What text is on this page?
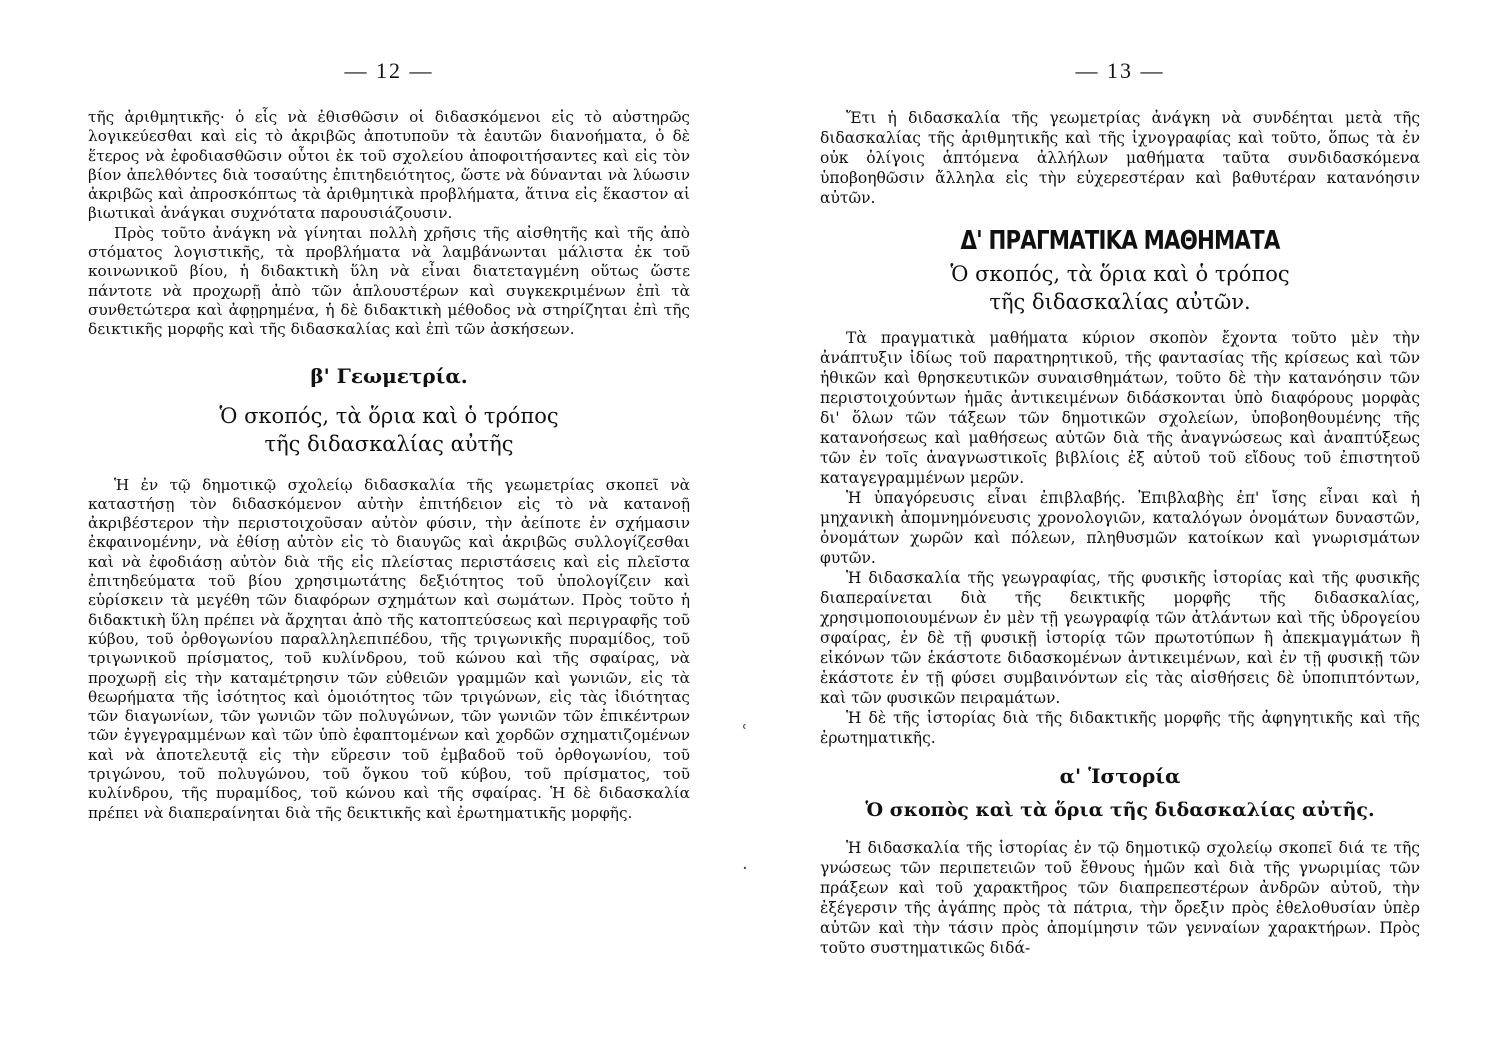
— 12 —

τῆς ἀριθμητικῆς· ὁ εἷς νὰ ἐθισθῶσιν οἱ διδασκόμενοι εἰς τὸ αὐστηρῶς λογικεύεσθαι καὶ εἰς τὸ ἀκριβῶς ἀποτυποῦν τὰ ἑαυτῶν διανοήματα, ὁ δὲ ἕτερος νὰ ἐφοδιασθῶσιν οὗτοι ἐκ τοῦ σχολείου ἀποφοιτήσαντες καὶ εἰς τὸν βίον ἀπελθόντες διὰ τοσαύτης ἐπιτηδειότητος, ὥστε νὰ δύνανται νὰ λύωσιν ἀκριβῶς καὶ ἀπροσκόπτως τὰ ἀριθμητικὰ προβλήματα, ἅτινα εἰς ἕκαστον αἱ βιωτικαὶ ἀνάγκαι συχνότατα παρουσιάζουσιν.

Πρὸς τοῦτο ἀνάγκη νὰ γίνηται πολλὴ χρῆσις τῆς αἰσθητῆς καὶ τῆς ἀπὸ στόματος λογιστικῆς, τὰ προβλήματα νὰ λαμβάνωνται μάλιστα ἐκ τοῦ κοινωνικοῦ βίου, ἡ διδακτικὴ ὕλη νὰ εἶναι διατεταγμένη οὕτως ὥστε πάντοτε νὰ προχωρῇ ἀπὸ τῶν ἁπλουστέρων καὶ συγκεκριμένων ἐπὶ τὰ συνθετώτερα καὶ ἀφῃρημένα, ἡ δὲ διδακτικὴ μέθοδος νὰ στηρίζηται ἐπὶ τῆς δεικτικῆς μορφῆς καὶ τῆς διδασκαλίας καὶ ἐπὶ τῶν ἀσκήσεων.

β' Γεωμετρία.
Ὁ σκοπός, τὰ ὅρια καὶ ὁ τρόπος
τῆς διδασκαλίας αὐτῆς

Ἡ ἐν τῷ δημοτικῷ σχολείῳ διδασκαλία τῆς γεωμετρίας σκοπεῖ νὰ καταστήσῃ τὸν διδασκόμενον αὐτὴν ἐπιτήδειον εἰς τὸ νὰ κατανοῇ ἀκριβέστερον τὴν περιστοιχοῦσαν αὐτὸν φύσιν, τὴν ἀείποτε ἐν σχήμασιν ἐκφαινομένην, νὰ ἐθίσῃ αὐτὸν εἰς τὸ διαυγῶς καὶ ἀκριβῶς συλλογίζεσθαι καὶ νὰ ἐφοδιάσῃ αὐτὸν διὰ τῆς εἰς πλείστας περιστάσεις καὶ εἰς πλεῖστα ἐπιτηδεύματα τοῦ βίου χρησιμωτάτης δεξιότητος τοῦ ὑπολογίζειν καὶ εὑρίσκειν τὰ μεγέθη τῶν διαφόρων σχημάτων καὶ σωμάτων. Πρὸς τοῦτο ἡ διδακτικὴ ὕλη πρέπει νὰ ἄρχηται ἀπὸ τῆς κατοπτεύσεως καὶ περιγραφῆς τοῦ κύβου, τοῦ ὀρθογωνίου παραλληλεπιπέδου, τῆς τριγωνικῆς πυραμίδος, τοῦ τριγωνικοῦ πρίσματος, τοῦ κυλίνδρου, τοῦ κώνου καὶ τῆς σφαίρας, νὰ προχωρῇ εἰς τὴν καταμέτρησιν τῶν εὐθειῶν γραμμῶν καὶ γωνιῶν, εἰς τὰ θεωρήματα τῆς ἰσότητος καὶ ὁμοιότητος τῶν τριγώνων, εἰς τὰς ἰδιότητας τῶν διαγωνίων, τῶν γωνιῶν τῶν πολυγώνων, τῶν γωνιῶν τῶν ἐπικέντρων τῶν ἐγγεγραμμένων καὶ τῶν ὑπὸ ἐφαπτομένων καὶ χορδῶν σχηματιζομένων καὶ νὰ ἀποτελευτᾷ εἰς τὴν εὕρεσιν τοῦ ἐμβαδοῦ τοῦ ὀρθογωνίου, τοῦ τριγώνου, τοῦ πολυγώνου, τοῦ ὄγκου τοῦ κύβου, τοῦ πρίσματος, τοῦ κυλίνδρου, τῆς πυραμίδος, τοῦ κώνου καὶ τῆς σφαίρας. Ἡ δὲ διδασκαλία πρέπει νὰ διαπεραίνηται διὰ τῆς δεικτικῆς καὶ ἐρωτηματικῆς μορφῆς.

ʿ
·
— 13 —

Ἔτι ἡ διδασκαλία τῆς γεωμετρίας ἀνάγκη νὰ συνδέηται μετὰ τῆς διδασκαλίας τῆς ἀριθμητικῆς καὶ τῆς ἰχνογραφίας καὶ τοῦτο, ὅπως τὰ ἐν οὐκ ὀλίγοις ἁπτόμενα ἀλλήλων μαθήματα ταῦτα συνδιδασκόμενα ὑποβοηθῶσιν ἄλληλα εἰς τὴν εὐχερεστέραν καὶ βαθυτέραν κατανόησιν αὐτῶν.

Δ' ΠΡΑΓΜΑΤΙΚΑ ΜΑΘΗΜΑΤΑ
Ὁ σκοπός, τὰ ὅρια καὶ ὁ τρόπος
τῆς διδασκαλίας αὐτῶν.

Τὰ πραγματικὰ μαθήματα κύριον σκοπὸν ἔχοντα τοῦτο μὲν τὴν ἀνάπτυξιν ἰδίως τοῦ παρατηρητικοῦ, τῆς φαντασίας τῆς κρίσεως καὶ τῶν ἠθικῶν καὶ θρησκευτικῶν συναισθημάτων, τοῦτο δὲ τὴν κατανόησιν τῶν περιστοιχούντων ἡμᾶς ἀντικειμένων διδάσκονται ὑπὸ διαφόρους μορφὰς δι' ὅλων τῶν τάξεων τῶν δημοτικῶν σχολείων, ὑποβοηθουμένης τῆς κατανοήσεως καὶ μαθήσεως αὐτῶν διὰ τῆς ἀναγνώσεως καὶ ἀναπτύξεως τῶν ἐν τοῖς ἀναγνωστικοῖς βιβλίοις ἐξ αὐτοῦ τοῦ εἴδους τοῦ ἐπιστητοῦ καταγεγραμμένων μερῶν.

Ἡ ὑπαγόρευσις εἶναι ἐπιβλαβής. Ἐπιβλαβὴς ἐπ' ἴσης εἶναι καὶ ἡ μηχανικὴ ἀπομνημόνευσις χρονολογιῶν, καταλόγων ὀνομάτων δυναστῶν, ὀνομάτων χωρῶν καὶ πόλεων, πληθυσμῶν κατοίκων καὶ γνωρισμάτων φυτῶν.

Ἡ διδασκαλία τῆς γεωγραφίας, τῆς φυσικῆς ἱστορίας καὶ τῆς φυσικῆς διαπεραίνεται διὰ τῆς δεικτικῆς μορφῆς τῆς διδασκαλίας, χρησιμοποιουμένων ἐν μὲν τῇ γεωγραφίᾳ τῶν ἀτλάντων καὶ τῆς ὑδρογείου σφαίρας, ἐν δὲ τῇ φυσικῇ ἱστορίᾳ τῶν πρωτοτύπων ἢ ἀπεκμαγμάτων ἢ εἰκόνων τῶν ἑκάστοτε διδασκομένων ἀντικειμένων, καὶ ἐν τῇ φυσικῇ τῶν ἑκάστοτε ἐν τῇ φύσει συμβαινόντων εἰς τὰς αἰσθήσεις δὲ ὑποπιπτόντων, καὶ τῶν φυσικῶν πειραμάτων.

Ἡ δὲ τῆς ἱστορίας διὰ τῆς διδακτικῆς μορφῆς τῆς ἀφηγητικῆς καὶ τῆς ἐρωτηματικῆς.

α' Ἱστορία
Ὁ σκοπὸς καὶ τὰ ὅρια τῆς διδασκαλίας αὐτῆς.

Ἡ διδασκαλία τῆς ἱστορίας ἐν τῷ δημοτικῷ σχολείῳ σκοπεῖ διά τε τῆς γνώσεως τῶν περιπετειῶν τοῦ ἔθνους ἡμῶν καὶ διὰ τῆς γνωριμίας τῶν πράξεων καὶ τοῦ χαρακτῆρος τῶν διαπρεπεστέρων ἀνδρῶν αὐτοῦ, τὴν ἐξέγερσιν τῆς ἀγάπης πρὸς τὰ πάτρια, τὴν ὄρεξιν πρὸς ἐθελοθυσίαν ὑπὲρ αὐτῶν καὶ τὴν τάσιν πρὸς ἀπομίμησιν τῶν γενναίων χαρακτήρων. Πρὸς τοῦτο συστηματικῶς διδά-
